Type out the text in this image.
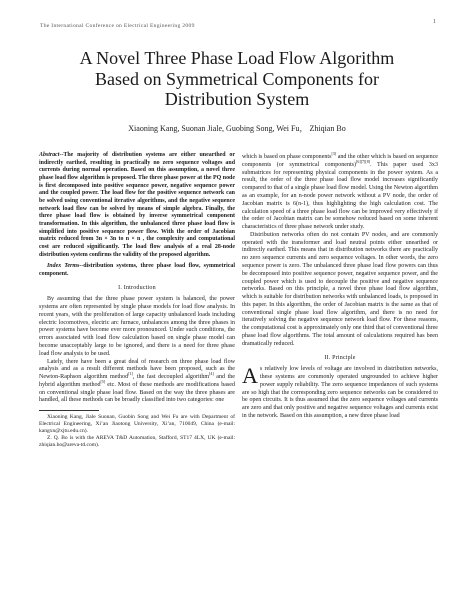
The International Conference on Electrical Engineering 2009
1
A Novel Three Phase Load Flow Algorithm
Based on Symmetrical Components for
Distribution System
Xiaoning Kang, Suonan Jiale, Guobing Song, Wei Fu， Zhiqian Bo

Abstract--The majority of distribution systems are either unearthed or indirectly earthed, resulting in practically no zero sequence voltages and currents during normal operation. Based on this assumption, a novel three phase load flow algorithm is proposed. The three phase power at the PQ node is first decomposed into positive sequence power, negative sequence power and the coupled power. The load flow for the positive sequence network can be solved using conventional iterative algorithms, and the negative sequence network load flow can be solved by means of simple algebra. Finally, the three phase load flow is obtained by inverse symmetrical component transformation. In this algorithm, the unbalanced three phase load flow is simplified into positive sequence power flow. With the order of Jacobian matrix reduced from 3n × 3n to n × n , the complexity and computational cost are reduced significantly. The load flow analysis of a real 28-node distribution system confirms the validity of the proposed algorithm.

Index Terms--distribution systems, three phase load flow, symmetrical component.

I. Introduction

By assuming that the three phase power system is balanced, the power systems are often represented by single phase models for load flow analysis. In recent years, with the proliferation of large capacity unbalanced loads including electric locomotives, electric arc furnace, unbalances among the three phases in power systems have become ever more pronounced. Under such conditions, the errors associated with load flow calculation based on single phase model can become unacceptably large to be ignored, and there is a need for three phase load flow analysis to be used.

Lately, there have been a great deal of research on three phase load flow analysis and as a result different methods have been proposed, such as the Newton-Raphson algorithm method[1], the fast decoupled algorithm[4] and the hybrid algorithm method[5] etc. Most of these methods are modifications based on conventional single phase load flow. Based on the way the three phases are handled, all these methods can be broadly classified into two categories: one

Xiaoning Kang, Jiale Suonan, Guobin Song and Wei Fu are with Department of Electrical Engineering, Xi’an Jiaotong University, Xi’an, 710049, China (e-mail: kangxn@xjtu.edu.cn).

Z. Q. Bo is with the AREVA T&D Automation, Stafford, ST17 4LX, UK (e-mail: zhiqian.bo@areva-td.com).

which is based on phase components[3] and the other which is based on sequence components (or symmetrical components)[6][7][8]. This paper used 3x3 submatrices for representing physical components in the power system. As a result, the order of the three phase load flow model increases significantly compared to that of a single phase load flow model. Using the Newton algorithm as an example, for an n-node power network without a PV node, the order of Jacobian matrix is 6(n-1), thus highlighting the high calculation cost. The calculation speed of a three phase load flow can be improved very effectively if the order of Jacobian matrix can be somehow reduced based on some inherent characteristics of three phase network under study.

Distribution networks often do not contain PV nodes, and are commonly operated with the transformer and load neutral points either unearthed or indirectly earthed. This means that in distribution networks there are practically no zero sequence currents and zero sequence voltages. In other words, the zero sequence power is zero. The unbalanced three phase load flow powers can thus be decomposed into positive sequence power, negative sequence power, and the coupled power which is used to decouple the positive and negative sequence networks. Based on this principle, a novel three phase load flow algorithm, which is suitable for distribution networks with unbalanced loads, is proposed in this paper. In this algorithm, the order of Jacobian matrix is the same as that of conventional single phase load flow algorithm, and there is no need for iteratively solving the negative sequence network load flow. For these reasons, the computational cost is approximately only one third that of conventional three phase load flow algorithms. The total amount of calculations required has been dramatically reduced.

II. Principle

As relatively low levels of voltage are involved in distribution networks, these systems are commonly operated ungrounded to achieve higher power supply reliability. The zero sequence impedances of such systems are so high that the corresponding zero sequence networks can be considered to be open circuits. It is thus assumed that the zero sequence voltages and currents are zero and that only positive and negative sequence voltages and currents exist in the network. Based on this assumption, a new three phase load
